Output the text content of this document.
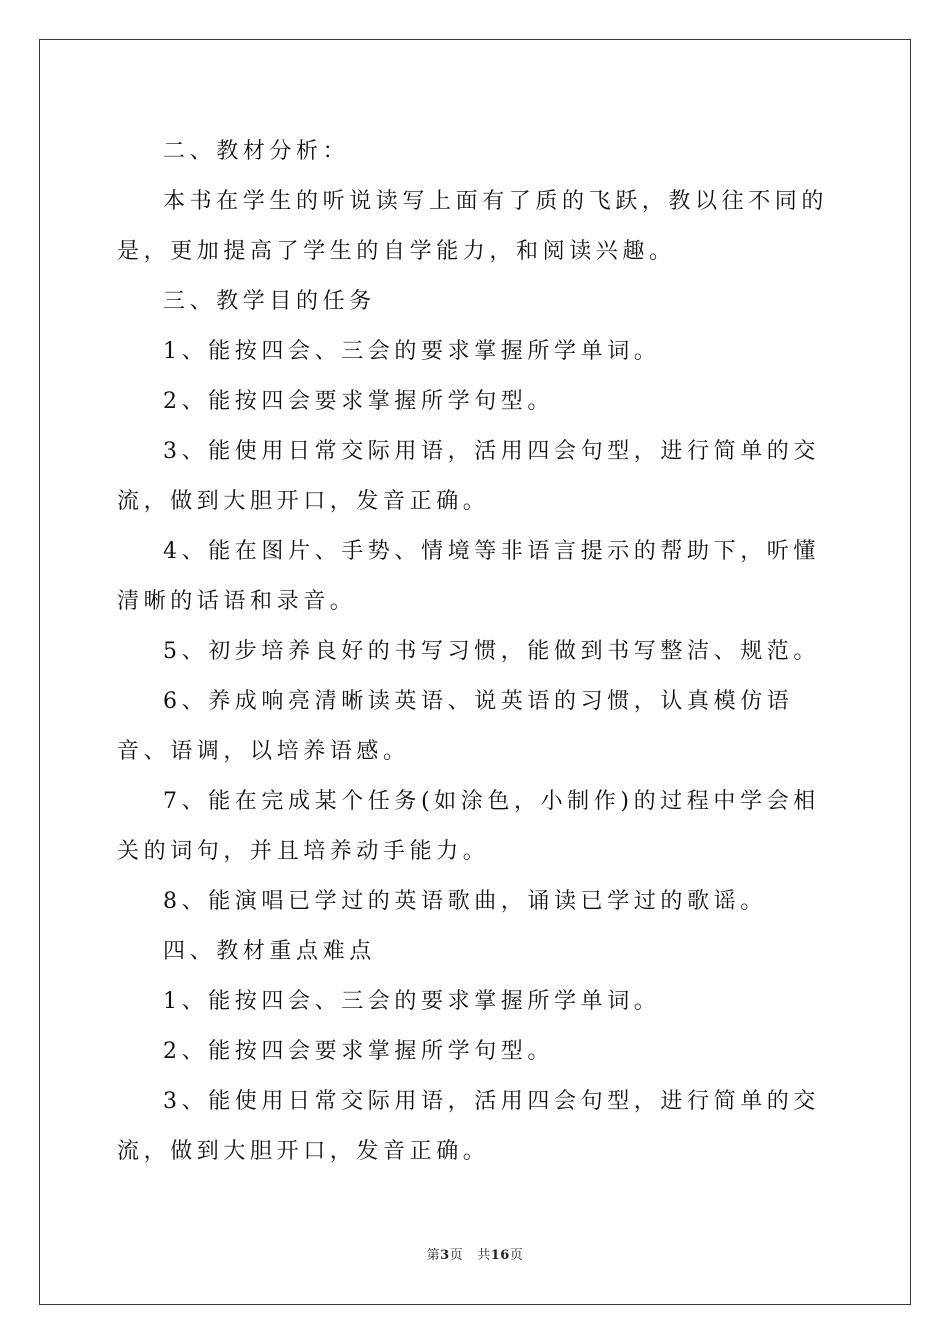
二、教材分析：

本书在学生的听说读写上面有了质的飞跃，教以往不同的是，更加提高了学生的自学能力，和阅读兴趣。

三、教学目的任务

1、能按四会、三会的要求掌握所学单词。

2、能按四会要求掌握所学句型。

3、能使用日常交际用语，活用四会句型，进行简单的交流，做到大胆开口，发音正确。

4、能在图片、手势、情境等非语言提示的帮助下，听懂清晰的话语和录音。

5、初步培养良好的书写习惯，能做到书写整洁、规范。

6、养成响亮清晰读英语、说英语的习惯，认真模仿语音、语调，以培养语感。

7、能在完成某个任务(如涂色，小制作)的过程中学会相关的词句，并且培养动手能力。

8、能演唱已学过的英语歌曲，诵读已学过的歌谣。

四、教材重点难点

1、能按四会、三会的要求掌握所学单词。

2、能按四会要求掌握所学句型。

3、能使用日常交际用语，活用四会句型，进行简单的交流，做到大胆开口，发音正确。

第3页 共16页
